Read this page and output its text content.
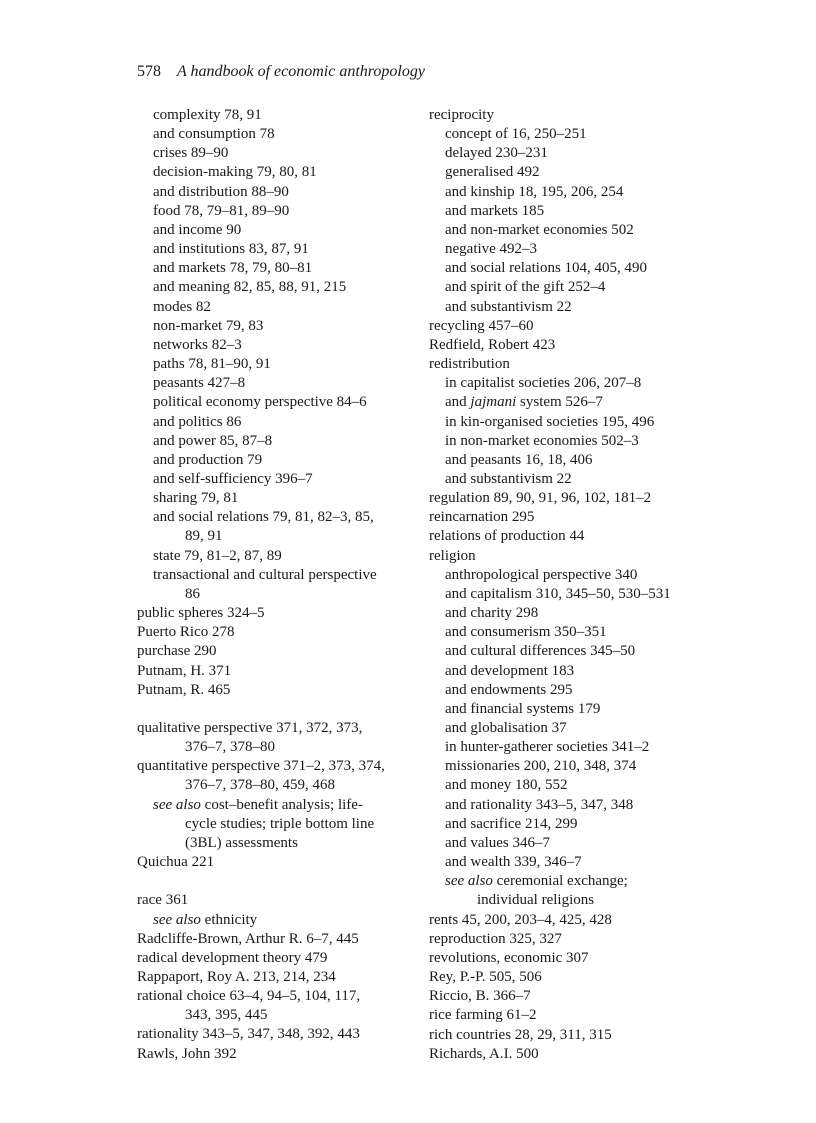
578 A handbook of economic anthropology
complexity 78, 91
and consumption 78
crises 89–90
decision-making 79, 80, 81
and distribution 88–90
food 78, 79–81, 89–90
and income 90
and institutions 83, 87, 91
and markets 78, 79, 80–81
and meaning 82, 85, 88, 91, 215
modes 82
non-market 79, 83
networks 82–3
paths 78, 81–90, 91
peasants 427–8
political economy perspective 84–6
and politics 86
and power 85, 87–8
and production 79
and self-sufficiency 396–7
sharing 79, 81
and social relations 79, 81, 82–3, 85,
89, 91
state 79, 81–2, 87, 89
transactional and cultural perspective
86
public spheres 324–5
Puerto Rico 278
purchase 290
Putnam, H. 371
Putnam, R. 465
qualitative perspective 371, 372, 373,
376–7, 378–80
quantitative perspective 371–2, 373, 374,
376–7, 378–80, 459, 468
see also cost–benefit analysis; life-
cycle studies; triple bottom line
(3BL) assessments
Quichua 221
race 361
see also ethnicity
Radcliffe-Brown, Arthur R. 6–7, 445
radical development theory 479
Rappaport, Roy A. 213, 214, 234
rational choice 63–4, 94–5, 104, 117,
343, 395, 445
rationality 343–5, 347, 348, 392, 443
Rawls, John 392
reciprocity
concept of 16, 250–251
delayed 230–231
generalised 492
and kinship 18, 195, 206, 254
and markets 185
and non-market economies 502
negative 492–3
and social relations 104, 405, 490
and spirit of the gift 252–4
and substantivism 22
recycling 457–60
Redfield, Robert 423
redistribution
in capitalist societies 206, 207–8
and jajmani system 526–7
in kin-organised societies 195, 496
in non-market economies 502–3
and peasants 16, 18, 406
and substantivism 22
regulation 89, 90, 91, 96, 102, 181–2
reincarnation 295
relations of production 44
religion
anthropological perspective 340
and capitalism 310, 345–50, 530–531
and charity 298
and consumerism 350–351
and cultural differences 345–50
and development 183
and endowments 295
and financial systems 179
and globalisation 37
in hunter-gatherer societies 341–2
missionaries 200, 210, 348, 374
and money 180, 552
and rationality 343–5, 347, 348
and sacrifice 214, 299
and values 346–7
and wealth 339, 346–7
see also ceremonial exchange;
individual religions
rents 45, 200, 203–4, 425, 428
reproduction 325, 327
revolutions, economic 307
Rey, P.-P. 505, 506
Riccio, B. 366–7
rice farming 61–2
rich countries 28, 29, 311, 315
Richards, A.I. 500
